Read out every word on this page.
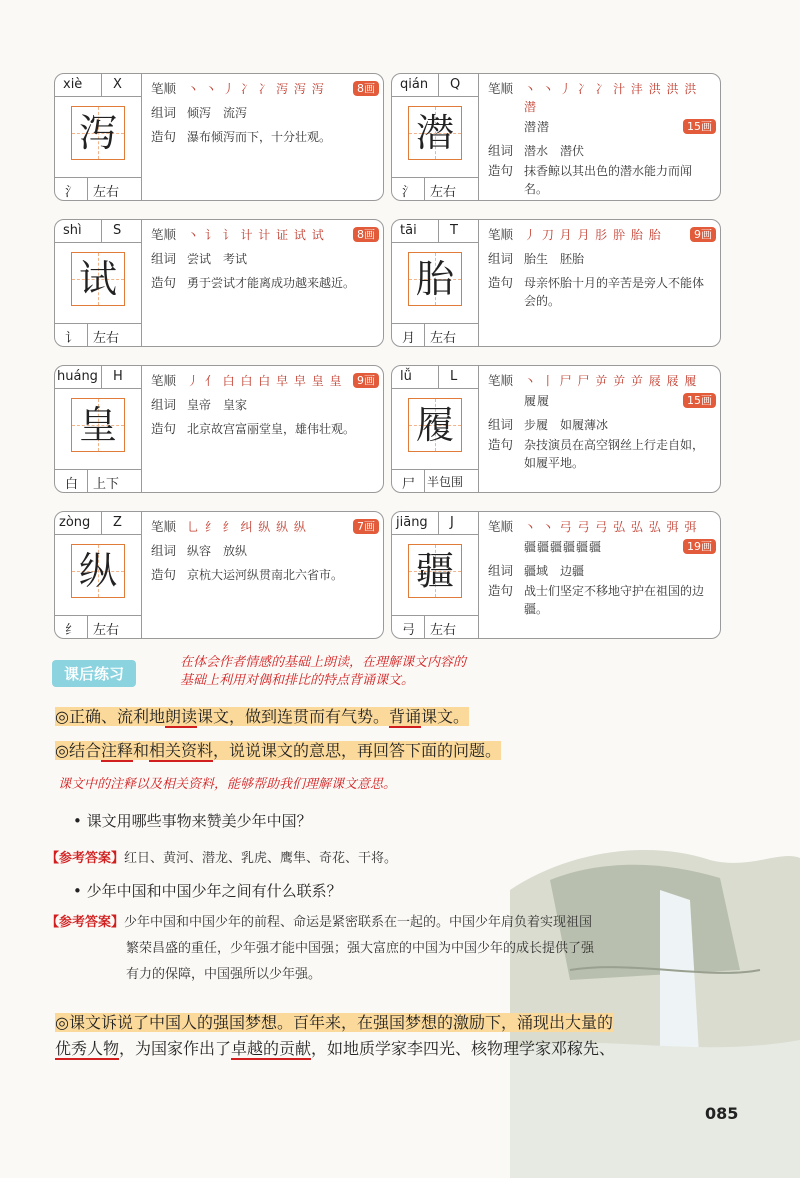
xiè X
泻
氵 左右
笔顺 丶 丶 丿 冫 冫 泻 泻 泻	8画
组词 倾泻　流泻
造句 瀑布倾泻而下，十分壮观。
qián Q
潜
氵 左右
笔顺 丶 丶 丿 冫 冫 汁 沣 洪 洪 洪 潜
潜潜	15画
组词 潜水　潜伏
造句 抹香鲸以其出色的潜水能力而闻名。
shì S
试
讠 左右
笔顺 丶 讠 讠 计 计 证 试 试	8画
组词 尝试　考试
造句 勇于尝试才能离成功越来越近。
tāi	T
胎
月 左右
笔顺 丿 刀 月 月 肜 肸 胎 胎	9画
组词 胎生　胚胎
造句 母亲怀胎十月的辛苦是旁人不能体会的。
huáng H
皇
白 上下
笔顺 丿 亻 白 白 白 皁 皁 皇 皇	9画
组词 皇帝　皇家
造句 北京故宫富丽堂皇，雄伟壮观。
lǚ	L
履
尸 半包围
笔顺 丶 丨 尸 尸 屰 屰 屰 屐 屐 履
履履	15画
组词 步履　如履薄冰
造句 杂技演员在高空钢丝上行走自如，如履平地。
zòng Z
纵
纟 左右
笔顺 乚 纟 纟 纠 纵 纵 纵	7画
组词 纵容　放纵
造句 京杭大运河纵贯南北六省市。
jiāng J
疆
弓 左右
笔顺 丶 丶 弓 弓 弓 弘 弘 弘 弭 弭
疆疆疆疆疆疆	19画
组词 疆域　边疆
造句 战士们坚定不移地守护在祖国的边疆。
课后练习
在体会作者情感的基础上朗读，在理解课文内容的
基础上利用对偶和排比的特点背诵课文。
◎正确、流利地朗读课文，做到连贯而有气势。背诵课文。
◎结合注释和相关资料，说说课文的意思，再回答下面的问题。
课文中的注释以及相关资料，能够帮助我们理解课文意思。
• 课文用哪些事物来赞美少年中国？
【参考答案】红日、黄河、潜龙、乳虎、鹰隼、奇花、干将。
• 少年中国和中国少年之间有什么联系？
【参考答案】少年中国和中国少年的前程、命运是紧密联系在一起的。中国少年肩负着实现祖国
繁荣昌盛的重任，少年强才能中国强；强大富庶的中国为中国少年的成长提供了强
有力的保障，中国强所以少年强。
◎课文诉说了中国人的强国梦想。百年来，在强国梦想的激励下，涌现出大量的
优秀人物，为国家作出了卓越的贡献，如地质学家李四光、核物理学家邓稼先、
085
